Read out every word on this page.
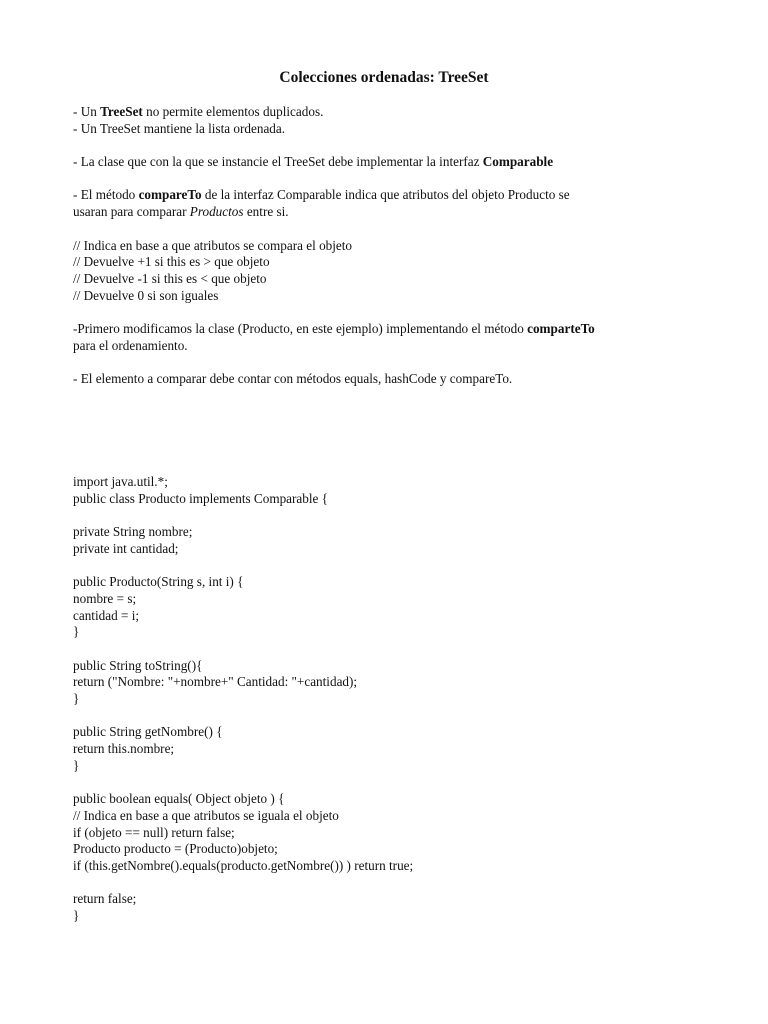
Colecciones ordenadas: TreeSet
- Un TreeSet no permite elementos duplicados.
- Un TreeSet mantiene la lista ordenada.
- La clase que con la que se instancie el TreeSet debe implementar la interfaz Comparable
- El método compareTo de la interfaz Comparable indica que atributos del objeto Producto se
usaran para comparar Productos entre si.
// Indica en base a que atributos se compara el objeto
// Devuelve +1 si this es > que objeto
// Devuelve -1 si this es < que objeto
// Devuelve 0 si son iguales
-Primero modificamos la clase (Producto, en este ejemplo) implementando el método comparteTo
para el ordenamiento.
- El elemento a comparar debe contar con métodos equals, hashCode y compareTo.
import java.util.*;
public class Producto implements Comparable {
private String nombre;
private int cantidad;
public Producto(String s, int i) {
nombre = s;
cantidad = i;
}
public String toString(){
return ("Nombre: "+nombre+" Cantidad: "+cantidad);
}
public String getNombre() {
return this.nombre;
}
public boolean equals( Object objeto ) {
// Indica en base a que atributos se iguala el objeto
if (objeto == null) return false;
Producto producto = (Producto)objeto;
if (this.getNombre().equals(producto.getNombre()) ) return true;
return false;
}
